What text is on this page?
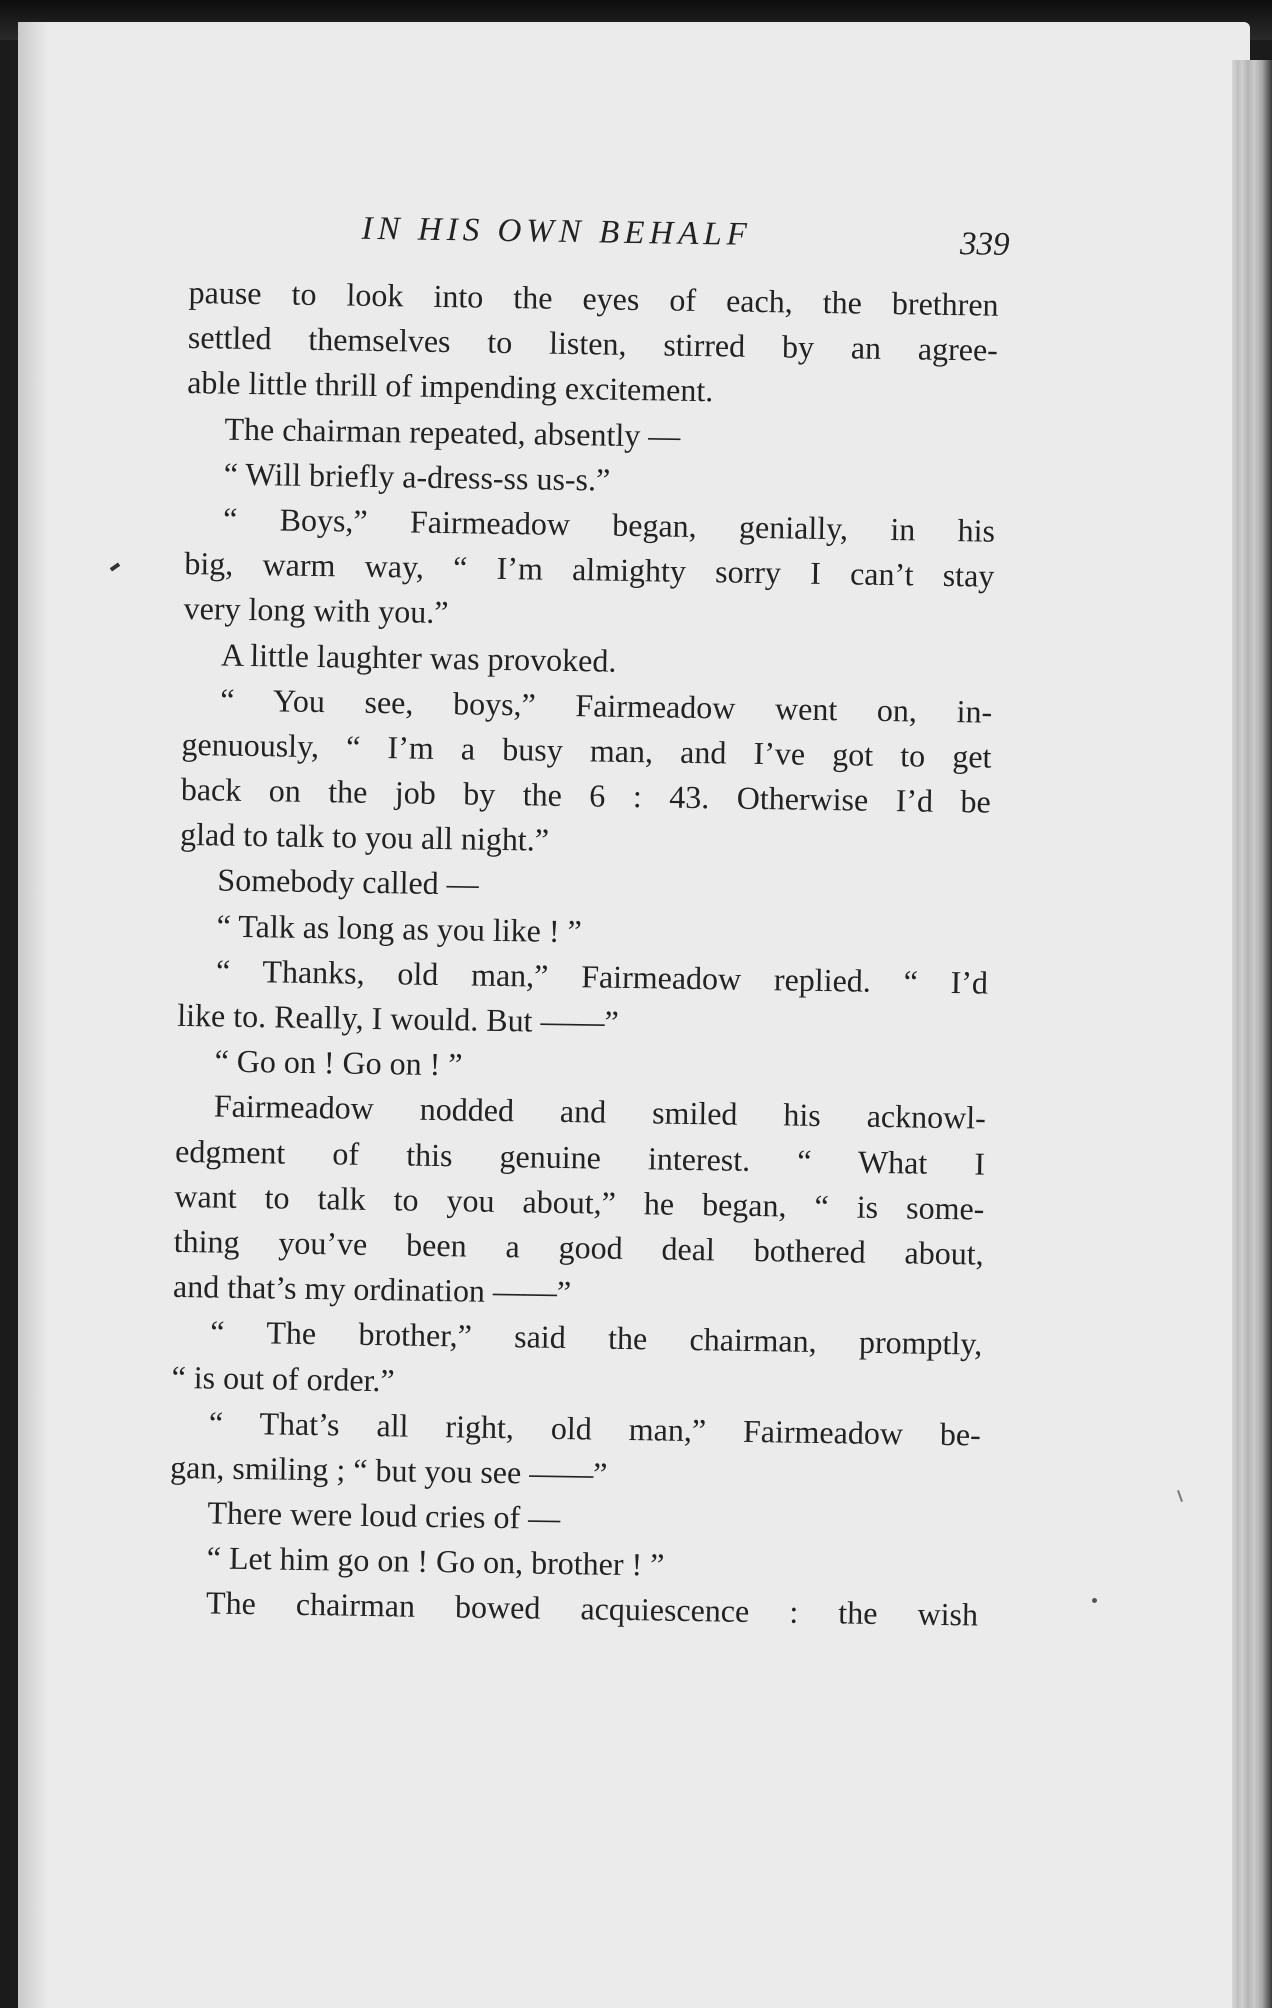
IN HIS OWN BEHALF	339
pause to look into the eyes of each, the brethren
settled themselves to listen, stirred by an agree-
able little thrill of impending excitement.
The chairman repeated, absently —
“ Will briefly a-dress-ss us-s.”
“ Boys,” Fairmeadow began, genially, in his
big, warm way, “ I’m almighty sorry I can’t stay
very long with you.”
A little laughter was provoked.
“ You see, boys,” Fairmeadow went on, in-
genuously, “ I’m a busy man, and I’ve got to get
back on the job by the 6 : 43. Otherwise I’d be
glad to talk to you all night.”
Somebody called —
“ Talk as long as you like ! ”
“ Thanks, old man,” Fairmeadow replied. “ I’d
like to. Really, I would. But ——”
“ Go on ! Go on ! ”
Fairmeadow nodded and smiled his acknowl-
edgment of this genuine interest. “ What I
want to talk to you about,” he began, “ is some-
thing you’ve been a good deal bothered about,
and that’s my ordination ——”
“ The brother,” said the chairman, promptly,
“ is out of order.”
“ That’s all right, old man,” Fairmeadow be-
gan, smiling ; “ but you see ——”
There were loud cries of —
“ Let him go on ! Go on, brother ! ”
The chairman bowed acquiescence : the wish
